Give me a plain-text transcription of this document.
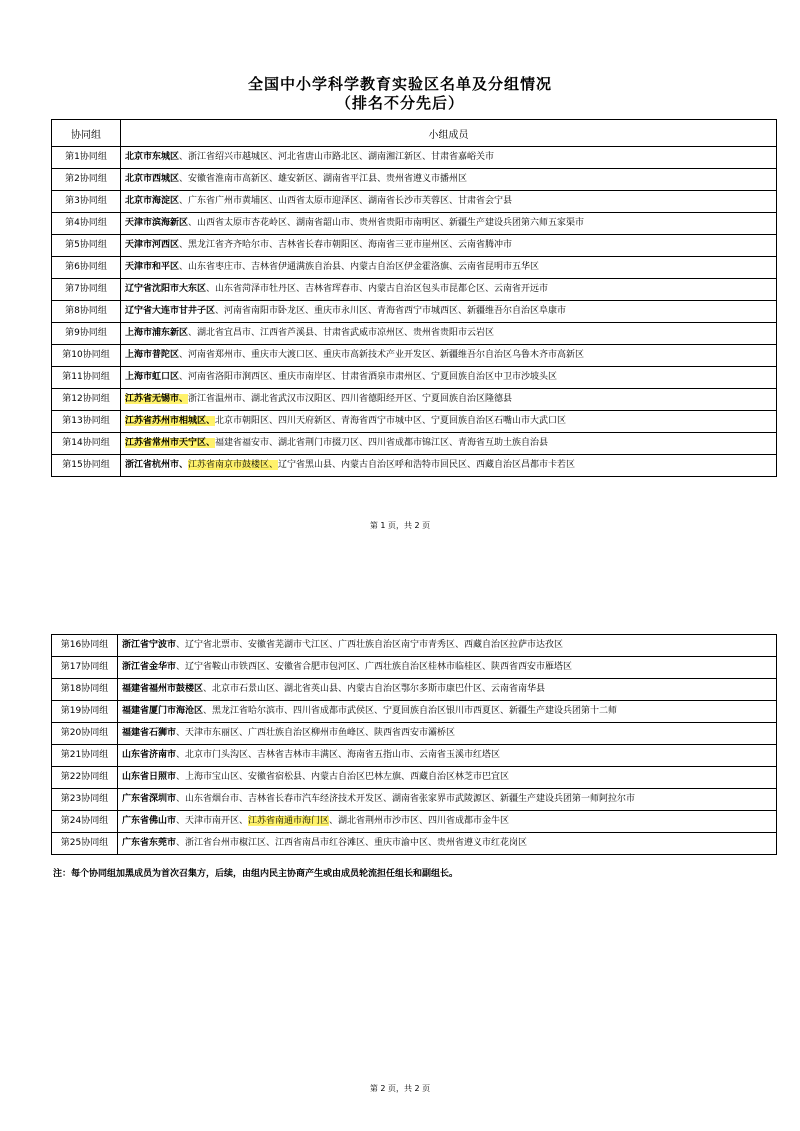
全国中小学科学教育实验区名单及分组情况
（排名不分先后）
协同组	小组成员
第1协同组	北京市东城区、浙江省绍兴市越城区、河北省唐山市路北区、湖南湘江新区、甘肃省嘉峪关市
第2协同组	北京市西城区、安徽省淮南市高新区、雄安新区、湖南省平江县、贵州省遵义市播州区
第3协同组	北京市海淀区、广东省广州市黄埔区、山西省太原市迎泽区、湖南省长沙市芙蓉区、甘肃省会宁县
第4协同组	天津市滨海新区、山西省太原市杏花岭区、湖南省韶山市、贵州省贵阳市南明区、新疆生产建设兵团第六师五家渠市
第5协同组	天津市河西区、黑龙江省齐齐哈尔市、吉林省长春市朝阳区、海南省三亚市崖州区、云南省腾冲市
第6协同组	天津市和平区、山东省枣庄市、吉林省伊通满族自治县、内蒙古自治区伊金霍洛旗、云南省昆明市五华区
第7协同组	辽宁省沈阳市大东区、山东省菏泽市牡丹区、吉林省珲春市、内蒙古自治区包头市昆都仑区、云南省开远市
第8协同组	辽宁省大连市甘井子区、河南省南阳市卧龙区、重庆市永川区、青海省西宁市城西区、新疆维吾尔自治区阜康市
第9协同组	上海市浦东新区、湖北省宜昌市、江西省芦溪县、甘肃省武威市凉州区、贵州省贵阳市云岩区
第10协同组	上海市普陀区、河南省郑州市、重庆市大渡口区、重庆市高新技术产业开发区、新疆维吾尔自治区乌鲁木齐市高新区
第11协同组	上海市虹口区、河南省洛阳市涧西区、重庆市南岸区、甘肃省酒泉市肃州区、宁夏回族自治区中卫市沙坡头区
第12协同组	江苏省无锡市、浙江省温州市、湖北省武汉市汉阳区、四川省德阳经开区、宁夏回族自治区隆德县
第13协同组	江苏省苏州市相城区、北京市朝阳区、四川天府新区、青海省西宁市城中区、宁夏回族自治区石嘴山市大武口区
第14协同组	江苏省常州市天宁区、福建省福安市、湖北省荆门市掇刀区、四川省成都市锦江区、青海省互助土族自治县
第15协同组	浙江省杭州市、江苏省南京市鼓楼区、辽宁省黑山县、内蒙古自治区呼和浩特市回民区、西藏自治区昌都市卡若区
第 1 页，共 2 页
第16协同组	浙江省宁波市、辽宁省北票市、安徽省芜湖市弋江区、广西壮族自治区南宁市青秀区、西藏自治区拉萨市达孜区
第17协同组	浙江省金华市、辽宁省鞍山市铁西区、安徽省合肥市包河区、广西壮族自治区桂林市临桂区、陕西省西安市雁塔区
第18协同组	福建省福州市鼓楼区、北京市石景山区、湖北省英山县、内蒙古自治区鄂尔多斯市康巴什区、云南省南华县
第19协同组	福建省厦门市海沧区、黑龙江省哈尔滨市、四川省成都市武侯区、宁夏回族自治区银川市西夏区、新疆生产建设兵团第十二师
第20协同组	福建省石狮市、天津市东丽区、广西壮族自治区柳州市鱼峰区、陕西省西安市灞桥区
第21协同组	山东省济南市、北京市门头沟区、吉林省吉林市丰满区、海南省五指山市、云南省玉溪市红塔区
第22协同组	山东省日照市、上海市宝山区、安徽省宿松县、内蒙古自治区巴林左旗、西藏自治区林芝市巴宜区
第23协同组	广东省深圳市、山东省烟台市、吉林省长春市汽车经济技术开发区、湖南省张家界市武陵源区、新疆生产建设兵团第一师阿拉尔市
第24协同组	广东省佛山市、天津市南开区、江苏省南通市海门区、湖北省荆州市沙市区、四川省成都市金牛区
第25协同组	广东省东莞市、浙江省台州市椒江区、江西省南昌市红谷滩区、重庆市渝中区、贵州省遵义市红花岗区
注：每个协同组加黑成员为首次召集方，后续，由组内民主协商产生或由成员轮流担任组长和副组长。
第 2 页，共 2 页
